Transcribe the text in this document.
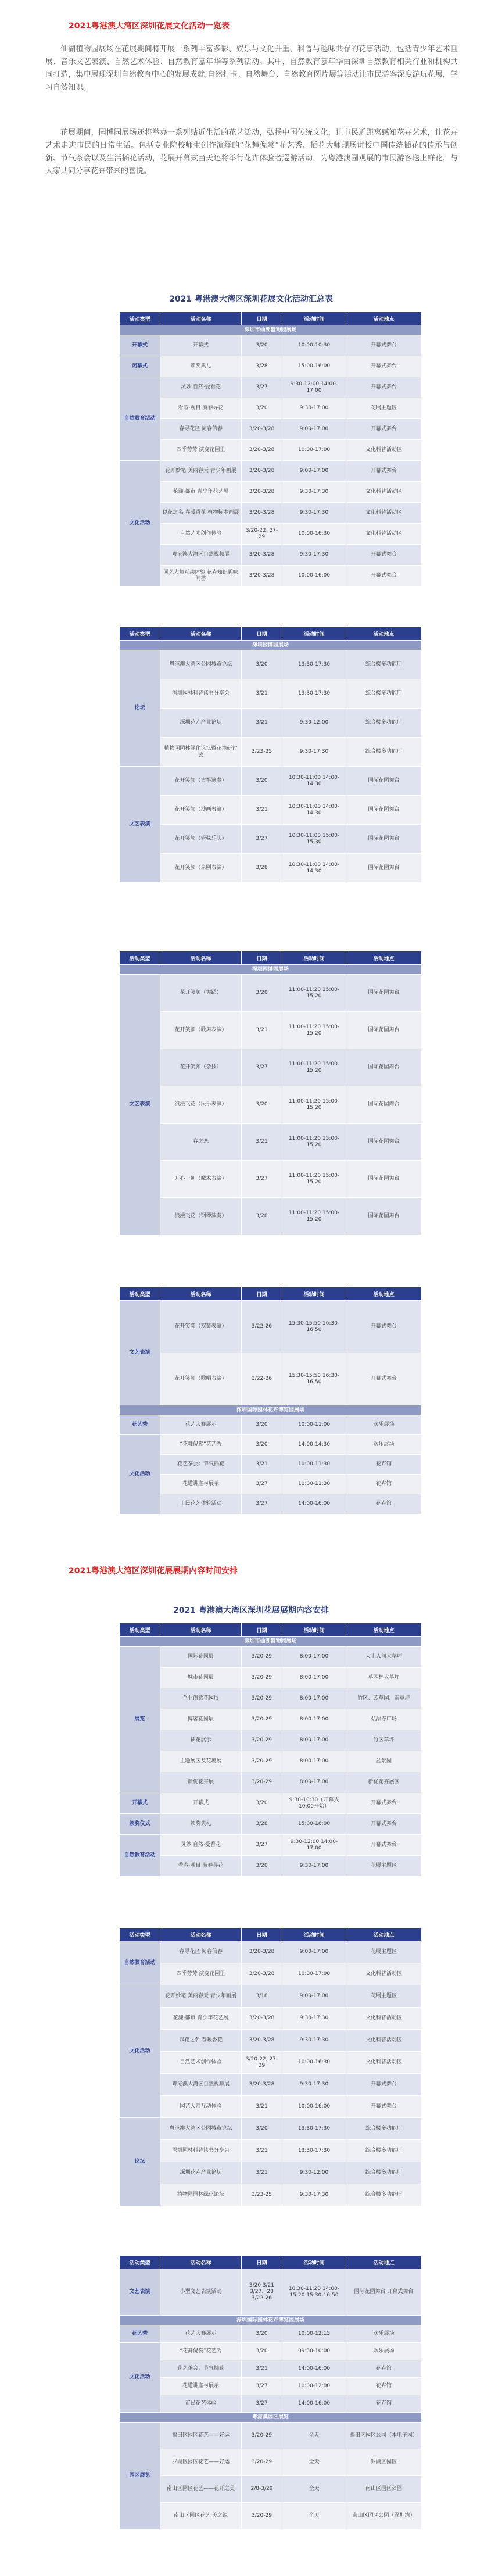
2021粤港澳大湾区深圳花展文化活动一览表
仙湖植物园展场在花展期间将开展一系列丰富多彩、娱乐与文化并重、科普与趣味共存的花事活动，包括青少年艺术画展、音乐文艺表演、自然艺术体验、自然教育嘉年华等系列活动。其中，自然教育嘉年华由深圳自然教育相关行业和机构共同打造，集中展现深圳自然教育中心的发展成就;自然打卡、自然舞台、自然教育图片展等活动让市民游客深度游玩花展，学习自然知识。
花展期间，园博园展场还将举办一系列贴近生活的花艺活动，弘扬中国传统文化，让市民近距离感知花卉艺术，让花卉艺术走进市民的日常生活。包括专业院校师生创作演绎的“花舞倪裳”花艺秀、插花大师现场讲授中国传统插花的传承与创新、节气茶会以及生活插花活动，花展开幕式当天还将举行花卉体验者巡游活动，为粤港澳园观展的市民游客送上鲜花，与大家共同分享花卉带来的喜悦。
2021 粤港澳大湾区深圳花展文化活动汇总表
活动类型	活动名称	日期	活动时间	活动地点
深圳市仙湖植物园展场				
开幕式	开幕式	3/20	10:00-10:30	开幕式舞台
闭幕式	颁奖典礼	3/28	15:00-16:00	开幕式舞台
自然教育活动	灵妙·自然·爱看花	3/27	9:30-12:00 14:00-17:00	开幕式舞台
	看客·观目 游春寻花	3/20	9:30-17:00	花展主题区
	春寻花径 阅春信春	3/20-3/28	9:00-17:00	开幕式舞台
	四季芳芳 演变花园里	3/20-3/28	10:00-17:00	文化科普活动区
文化活动	花开妙笔·美丽春天 青少年画展	3/20-3/28	9:00-17:00	开幕式舞台
	花漾·都市 青少年花艺展	3/20-3/28	9:30-17:30	文化科普活动区
	以花之名 春暖香花 植物标本画展	3/20-3/28	9:30-17:30	文化科普活动区
	自然艺术创作体验	3/20-22, 27-29	10:00-16:30	文化科普活动区
	粤港澳大湾区自然视频展	3/20-3/28	9:30-17:30	开幕式舞台
	园艺大师互动体验 花卉知识趣味问答	3/20-3/28	10:00-16:00	开幕式舞台
活动类型	活动名称	日期	活动时间	活动地点
深圳园博园展场				
论坛	粤港澳大湾区公园城市论坛	3/20	13:30-17:30	综合楼多功能厅
	深圳园林科普读书分享会	3/21	13:30-17:30	综合楼多功能厅
	深圳花卉产业论坛	3/21	9:30-12:00	综合楼多功能厅
	植物园园林绿化论坛暨花境研讨会	3/23-25	9:30-17:30	综合楼多功能厅
文艺表演	花开笑颜（古筝演奏）	3/20	10:30-11:00 14:00-14:30	国际花园舞台
	花开笑颜（沙画表演）	3/21	10:30-11:00 14:00-14:30	国际花园舞台
	花开笑颜（管弦乐队）	3/27	10:30-11:00 15:00-15:30	国际花园舞台
	花开笑颜（京剧表演）	3/28	10:30-11:00 14:00-14:30	国际花园舞台
活动类型	活动名称	日期	活动时间	活动地点
深圳园博园展场				
文艺表演	花开笑颜（舞蹈）	3/20	11:00-11:20 15:00-15:20	国际花园舞台
	花开笑颜（歌舞表演）	3/21	11:00-11:20 15:00-15:20	国际花园舞台
	花开笑颜（杂技）	3/27	11:00-11:20 15:00-15:20	国际花园舞台
	浪漫飞花（民乐表演）	3/20	11:00-11:20 15:00-15:20	国际花园舞台
	春之恋	3/21	11:00-11:20 15:00-15:20	国际花园舞台
	开心一刻（魔术表演）	3/27	11:00-11:20 15:00-15:20	国际花园舞台
	浪漫飞花（钢琴演奏）	3/28	11:00-11:20 15:00-15:20	国际花园舞台
活动类型	活动名称	日期	活动时间	活动地点
文艺表演	花开笑颜（双簧表演）	3/22-26	15:30-15:50 16:30-16:50	开幕式舞台
	花开笑颜（歌唱表演）	3/22-26	15:30-15:50 16:30-16:50	开幕式舞台
深圳国际园林花卉博览园展场				
花艺秀	花艺大赛展示	3/20	10:00-11:00	欢乐展场
文化活动	“花舞倪裳”花艺秀	3/20	14:00-14:30	欢乐展场
	花艺茶会：节气插花	3/21	10:00-11:30	花卉馆
	花道讲座与展示	3/27	10:00-11:30	花卉馆
	市民花艺体验活动	3/27	14:00-16:00	花卉馆
2021粤港澳大湾区深圳花展展期内容时间安排
2021 粤港澳大湾区深圳花展展期内容安排
活动类型	活动名称	日期	活动时间	活动地点
深圳市仙湖植物园展场				
展览	国际花园展	3/20-29	8:00-17:00	天上人间大草坪
	城市花园展	3/20-29	8:00-17:00	草园林大草坪
	企业创意花园展	3/20-29	8:00-17:00	竹区、芳草园、南草坪
	博客花园展	3/20-29	8:00-17:00	弘法寺广场
	插花展示	3/20-29	8:00-17:00	竹区草坪
	主题展区及花境展	3/20-29	8:00-17:00	盆景园
	新优花卉展	3/20-29	8:00-17:00	新优花卉展区
开幕式	开幕式	3/20	9:30-10:30（开幕式10:00开始）	开幕式舞台
颁奖仪式	颁奖典礼	3/28	15:00-16:00	开幕式舞台
自然教育活动	灵妙·自然·爱看花	3/27	9:30-12:00 14:00-17:00	开幕式舞台
	看客·观目 游春寻花	3/20	9:30-17:00	花展主题区
活动类型	活动名称	日期	活动时间	活动地点
自然教育活动	春寻花径 阅春信春	3/20-3/28	9:00-17:00	花展主题区
	四季芳芳 演变花园里	3/20-3/28	10:00-17:00	文化科普活动区
文化活动	花开妙笔·美丽春天 青少年画展	3/18	9:00-17:00	花展主题区
	花漾·都市 青少年花艺展	3/20-3/28	9:30-17:30	文化科普活动区
	以花之名 春暖香花	3/20-3/28	9:30-17:30	文化科普活动区
	自然艺术创作体验	3/20-22, 27-29	10:00-16:30	文化科普活动区
	粤港澳大湾区自然视频展	3/20-3/28	9:30-17:30	开幕式舞台
	园艺大师互动体验	3/21	10:00-16:00	开幕式舞台
论坛	粤港澳大湾区公园城市论坛	3/20	13:30-17:30	综合楼多功能厅
	深圳园林科普读书分享会	3/21	13:30-17:30	综合楼多功能厅
	深圳花卉产业论坛	3/21	9:30-12:00	综合楼多功能厅
	植物园园林绿化论坛	3/23-25	9:30-17:30	综合楼多功能厅
活动类型	活动名称	日期	活动时间	活动地点
文艺表演	小型文艺表演活动	3/20 3/21 3/27、28 3/22-26	10:30-11:20 14:00-15:20 15:30-16:50	国际花园舞台 开幕式舞台
深圳国际园林花卉博览园展场				
花艺秀	花艺大赛展示	3/20	10:00-12:15	欢乐展场
文化活动	“花舞倪裳”花艺秀	3/20	09:30-10:00	欢乐展场
	花艺茶会：节气插花	3/21	14:00-16:00	花卉馆
	花道讲座与展示	3/27	10:00-12:00	花卉馆
	市民花艺体验	3/27	14:00-16:00	花卉馆
粤港澳园区展览				
园区展览	福田区园区花艺——好运	3/20-29	全天	福田区园区公园（本电子园）
	罗湖区园区花艺——好运	3/20-29	全天	罗湖区园区
	南山区园区花艺——花开之美	2/8-3/29	全天	南山区园区公园
	南山区园区花艺·美之源	3/20-29	全天	南山区园区公园（深圳湾）
